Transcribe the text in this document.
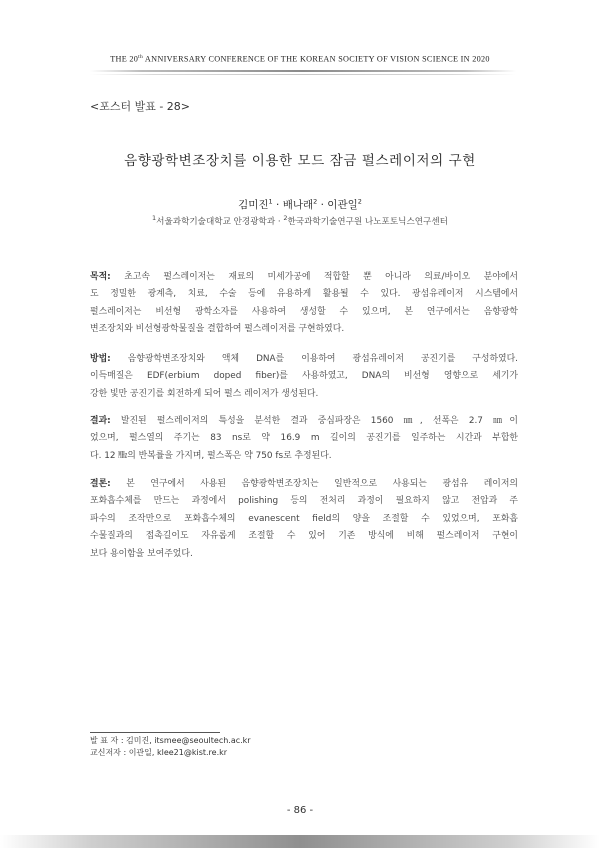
THE 20th ANNIVERSARY CONFERENCE OF THE KOREAN SOCIETY OF VISION SCIENCE IN 2020
<포스터 발표 - 28>
음향광학변조장치를 이용한 모드 잠금 펄스레이저의 구현
김미진$^1$ · 배나래$^2$ · 이관일$^2$
$^1$서울과학기술대학교 안경광학과 · $^2$한국과학기술연구원 나노포토닉스연구센터
목적: 초고속 펄스레이저는 재료의 미세가공에 적합할 뿐 아니라 의료/바이오 분야에서
도 정밀한 광계측, 치료, 수술 등에 유용하게 활용될 수 있다. 광섬유레이저 시스템에서
펄스레이저는 비선형 광학소자를 사용하여 생성할 수 있으며, 본 연구에서는 음향광학
변조장치와 비선형광학물질을 결합하여 펄스레이저를 구현하였다.
방법: 음향광학변조장치와 액체 DNA를 이용하여 광섬유레이저 공진기를 구성하였다.
이득매질은 EDF(erbium doped fiber)를 사용하였고, DNA의 비선형 영향으로 세기가
강한 빛만 공진기를 회전하게 되어 펄스 레이저가 생성된다.
결과: 발진된 펄스레이저의 특성을 분석한 결과 중심파장은 1560 ㎚, 선폭은 2.7 ㎚이
었으며, 펄스열의 주기는 83 ns로 약 16.9 m 길이의 공진기를 일주하는 시간과 부합한
다. 12 ㎒의 반복률을 가지며, 펄스폭은 약 750 fs로 추정된다.
결론: 본 연구에서 사용된 음향광학변조장치는 일반적으로 사용되는 광섬유 레이저의
포화흡수체를 만드는 과정에서 polishing 등의 전처리 과정이 필요하지 않고 전압과 주
파수의 조작만으로 포화흡수체의 evanescent field의 양을 조절할 수 있었으며, 포화흡
수물질과의 접촉길이도 자유롭게 조절할 수 있어 기존 방식에 비해 펄스레이저 구현이
보다 용이함을 보여주었다.
발 표 자 : 김미진, itsmee@seoultech.ac.kr
교신저자 : 이관일, klee21@kist.re.kr
- 86 -
